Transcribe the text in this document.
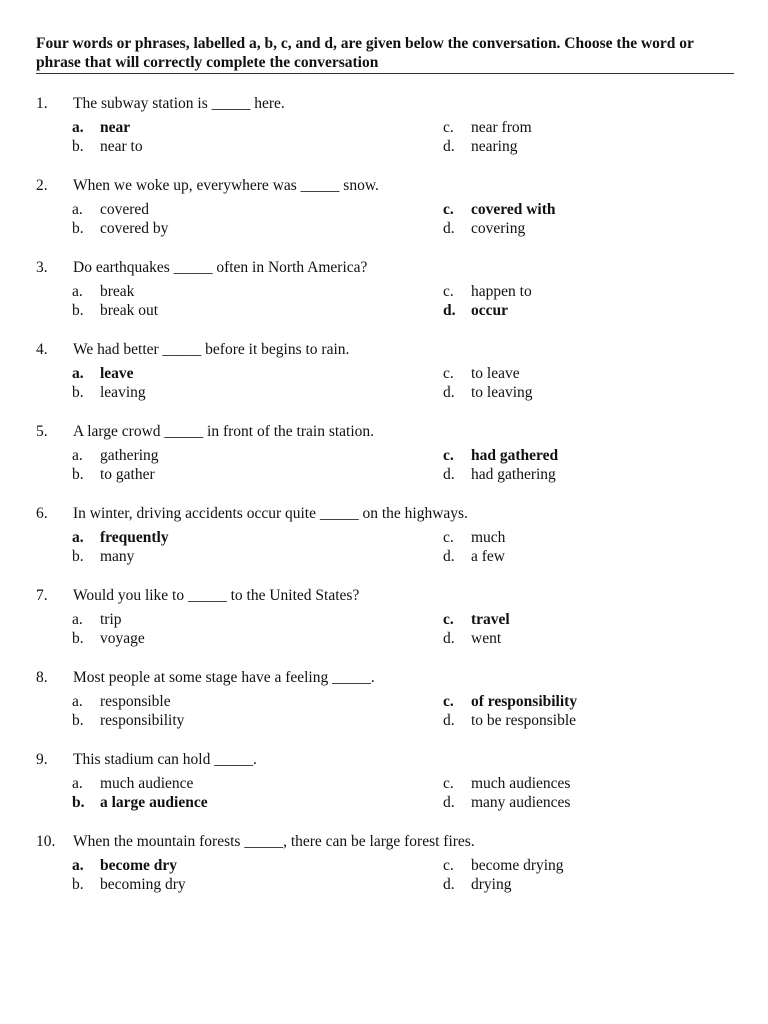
Four words or phrases, labelled a, b, c, and d, are given below the conversation. Choose the word or phrase that will correctly complete the conversation
1.	The subway station is _____ here.
a.	near
b.	near to
c.	near from
d.	nearing
2.	When we woke up, everywhere was _____ snow.
a.	covered
b.	covered by
c.	covered with
d.	covering
3.	Do earthquakes _____ often in North America?
a.	break
b.	break out
c.	happen to
d.	occur
4.	We had better _____ before it begins to rain.
a.	leave
b.	leaving
c.	to leave
d.	to leaving
5.	A large crowd _____ in front of the train station.
a.	gathering
b.	to gather
c.	had gathered
d.	had gathering
6.	In winter, driving accidents occur quite _____ on the highways.
a.	frequently
b.	many
c.	much
d.	a few
7.	Would you like to _____ to the United States?
a.	trip
b.	voyage
c.	travel
d.	went
8.	Most people at some stage have a feeling _____.
a.	responsible
b.	responsibility
c.	of responsibility
d.	to be responsible
9.	This stadium can hold _____.
a.	much audience
b.	a large audience
c.	much audiences
d.	many audiences
10.	When the mountain forests _____, there can be large forest fires.
a.	become dry
b.	becoming dry
c.	become drying
d.	drying
